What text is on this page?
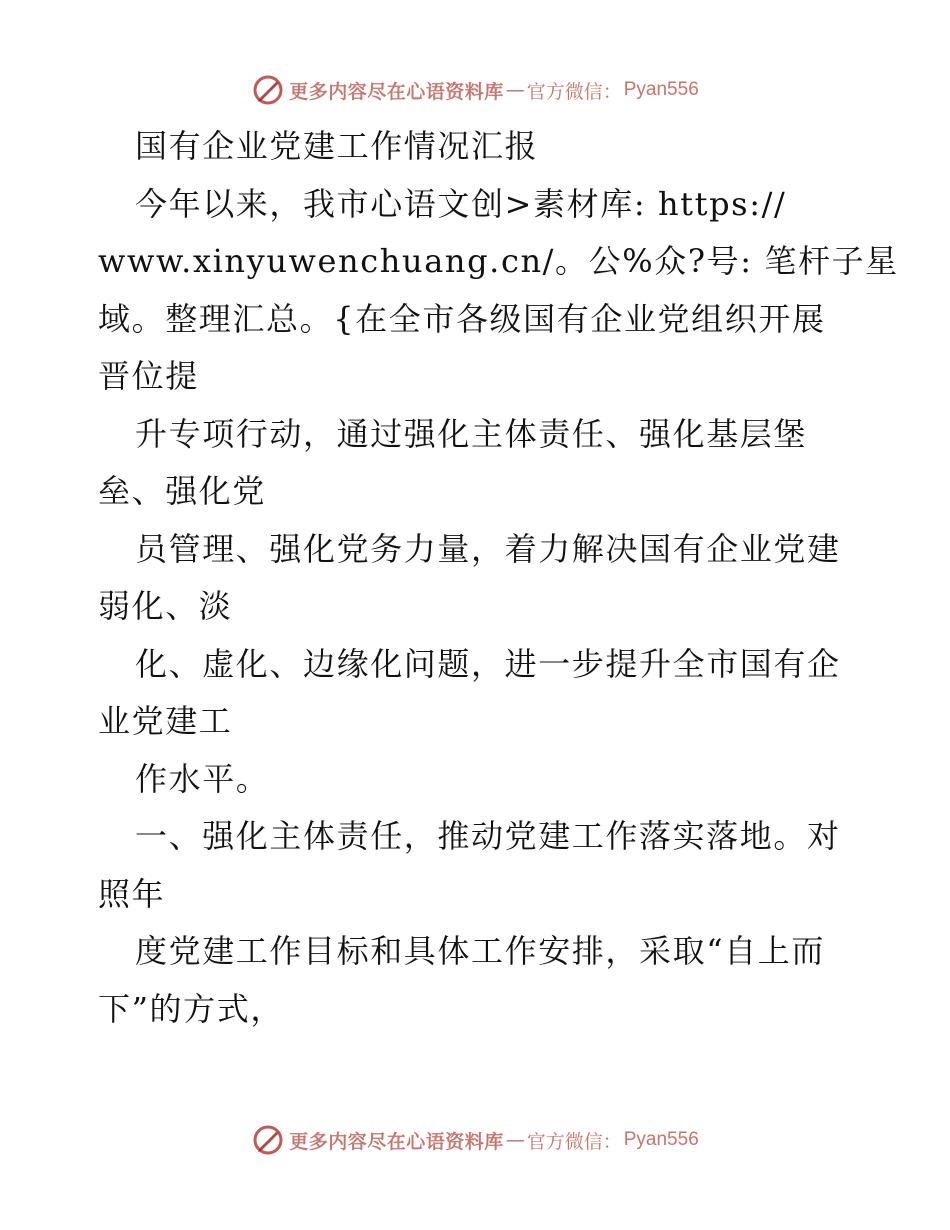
更多内容尽在心语资料库 — 官方微信： Pyan556
国有企业党建工作情况汇报
今年以来，我市心语文创>素材库: https://
www.xinyuwenchuang.cn/。公%众?号: 笔杆子星
域。整理汇总。{在全市各级国有企业党组织开展
晋位提
升专项行动，通过强化主体责任、强化基层堡
垒、强化党
员管理、强化党务力量，着力解决国有企业党建
弱化、淡
化、虚化、边缘化问题，进一步提升全市国有企
业党建工
作水平。
一、强化主体责任，推动党建工作落实落地。对
照年
度党建工作目标和具体工作安排，采取“自上而
下”的方式，
更多内容尽在心语资料库 — 官方微信： Pyan556
